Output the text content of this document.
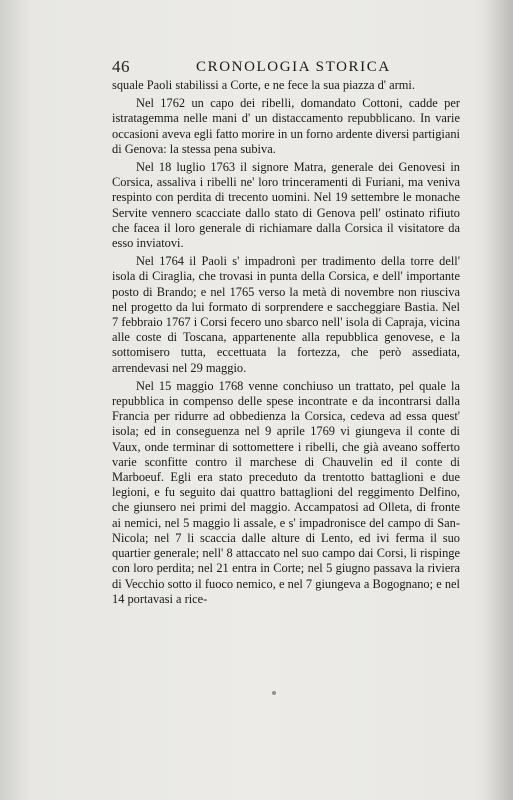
46	CRONOLOGIA STORICA

squale Paoli stabilissi a Corte, e ne fece la sua piazza d' armi.

Nel 1762 un capo dei ribelli, domandato Cottoni, cadde per istratagemma nelle mani d' un distaccamento repubblicano. In varie occasioni aveva egli fatto morire in un forno ardente diversi partigiani di Genova: la stessa pena subiva.

Nel 18 luglio 1763 il signore Matra, generale dei Genovesi in Corsica, assaliva i ribelli ne' loro trinceramenti di Furiani, ma veniva respinto con perdita di trecento uomini. Nel 19 settembre le monache Servite vennero scacciate dallo stato di Genova pell' ostinato rifiuto che facea il loro generale di richiamare dalla Corsica il visitatore da esso inviatovi.

Nel 1764 il Paoli s' impadronì per tradimento della torre dell' isola di Ciraglia, che trovasi in punta della Corsica, e dell' importante posto di Brando; e nel 1765 verso la metà di novembre non riusciva nel progetto da lui formato di sorprendere e saccheggiare Bastia. Nel 7 febbraio 1767 i Corsi fecero uno sbarco nell' isola di Capraja, vicina alle coste di Toscana, appartenente alla repubblica genovese, e la sottomisero tutta, eccettuata la fortezza, che però assediata, arrendevasi nel 29 maggio.

Nel 15 maggio 1768 venne conchiuso un trattato, pel quale la repubblica in compenso delle spese incontrate e da incontrarsi dalla Francia per ridurre ad obbedienza la Corsica, cedeva ad essa quest' isola; ed in conseguenza nel 9 aprile 1769 vi giungeva il conte di Vaux, onde terminar di sottomettere i ribelli, che già aveano sofferto varie sconfitte contro il marchese di Chauvelin ed il conte di Marboeuf. Egli era stato preceduto da trentotto battaglioni e due legioni, e fu seguito dai quattro battaglioni del reggimento Delfino, che giunsero nei primi del maggio. Accampatosi ad Olleta, di fronte ai nemici, nel 5 maggio li assale, e s' impadronisce del campo di San-Nicola; nel 7 li scaccia dalle alture di Lento, ed ivi ferma il suo quartier generale; nell' 8 attaccato nel suo campo dai Corsi, li rispinge con loro perdita; nel 21 entra in Corte; nel 5 giugno passava la riviera di Vecchio sotto il fuoco nemico, e nel 7 giungeva a Bogognano; e nel 14 portavasi a rice-
